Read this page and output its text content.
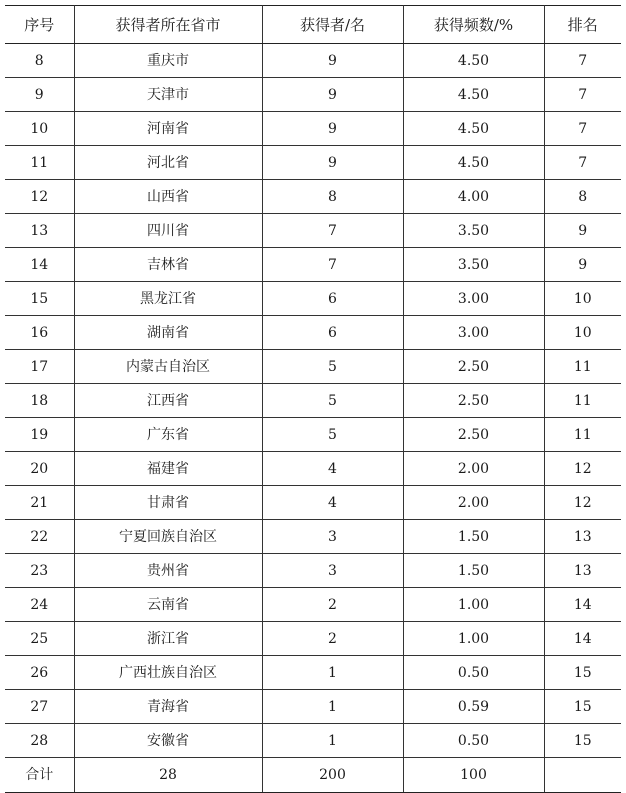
序号	获得者所在省市	获得者/名	获得频数/%	排名
8	重庆市	9	4.50	7
9	天津市	9	4.50	7
10	河南省	9	4.50	7
11	河北省	9	4.50	7
12	山西省	8	4.00	8
13	四川省	7	3.50	9
14	吉林省	7	3.50	9
15	黑龙江省	6	3.00	10
16	湖南省	6	3.00	10
17	内蒙古自治区	5	2.50	11
18	江西省	5	2.50	11
19	广东省	5	2.50	11
20	福建省	4	2.00	12
21	甘肃省	4	2.00	12
22	宁夏回族自治区	3	1.50	13
23	贵州省	3	1.50	13
24	云南省	2	1.00	14
25	浙江省	2	1.00	14
26	广西壮族自治区	1	0.50	15
27	青海省	1	0.59	15
28	安徽省	1	0.50	15
合计	28	200	100	
